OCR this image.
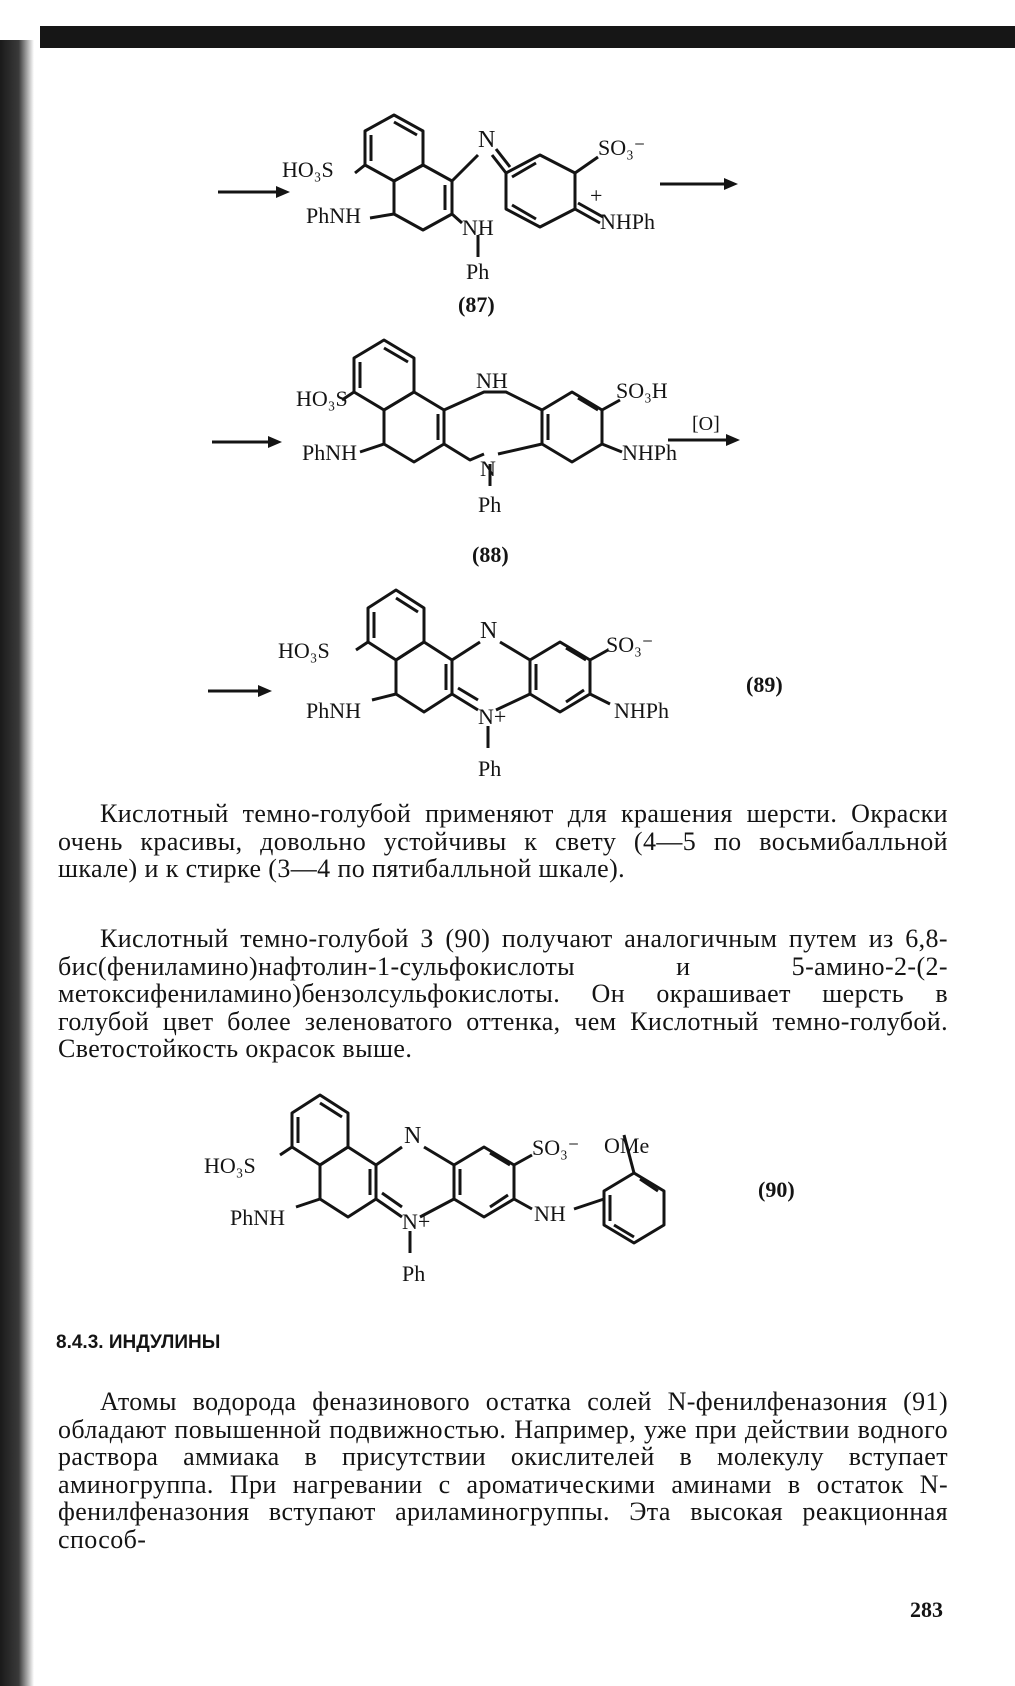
HO₃S
PhNH
N	SO₃⁻
+
NHPh
NH
Ph
(87)
HO₃S
PhNH
NH	SO₃H
[O]
N
NHPh
Ph
(88)
HO₃S
PhNH
N
SO₃⁻
N+	NHPh
Ph
(89)

Кислотный темно-голубой применяют для крашения шерсти. Окраски очень красивы, довольно устойчивы к свету (4—5 по восьмибалльной шкале) и к стирке (3—4 по пятибалльной шкале).

Кислотный темно-голубой З (90) получают аналогичным путем из 6,8-бис(фениламино)нафтолин-1-сульфокислоты и 5-амино-2-(2-метоксифениламино)бензолсульфокислоты. Он окрашивает шерсть в голубой цвет более зеленоватого оттенка, чем Кислотный темно-голубой. Светостойкость окрасок выше.

HO₃S
PhNH
N	SO₃⁻ OMe
N+	NH
Ph
(90)
8.4.3. ИНДУЛИНЫ

Атомы водорода феназинового остатка солей N-фенилфеназония (91) обладают повышенной подвижностью. Например, уже при действии водного раствора аммиака в присутствии окислителей в молекулу вступает аминогруппа. При нагревании с ароматическими аминами в остаток N-фенилфеназония вступают ариламиногруппы. Эта высокая реакционная способ-

283
